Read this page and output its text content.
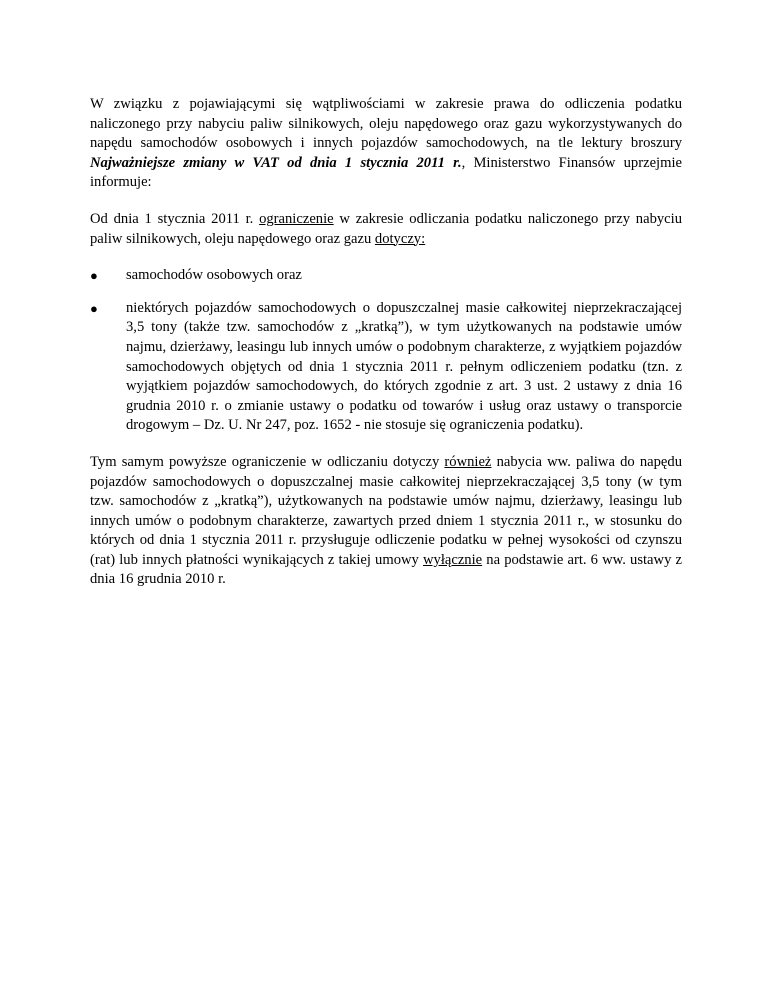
W związku z pojawiającymi się wątpliwościami w zakresie prawa do odliczenia podatku naliczonego przy nabyciu paliw silnikowych, oleju napędowego oraz gazu wykorzystywanych do napędu samochodów osobowych i innych pojazdów samochodowych, na tle lektury broszury Najważniejsze zmiany w VAT od dnia 1 stycznia 2011 r., Ministerstwo Finansów uprzejmie informuje:

Od dnia 1 stycznia 2011 r. ograniczenie w zakresie odliczania podatku naliczonego przy nabyciu paliw silnikowych, oleju napędowego oraz gazu dotyczy:

●	samochodów osobowych oraz
●	niektórych pojazdów samochodowych o dopuszczalnej masie całkowitej nieprzekraczającej 3,5 tony (także tzw. samochodów z „kratką”), w tym użytkowanych na podstawie umów najmu, dzierżawy, leasingu lub innych umów o podobnym charakterze, z wyjątkiem pojazdów samochodowych objętych od dnia 1 stycznia 2011 r. pełnym odliczeniem podatku (tzn. z wyjątkiem pojazdów samochodowych, do których zgodnie z art. 3 ust. 2 ustawy z dnia 16 grudnia 2010 r. o zmianie ustawy o podatku od towarów i usług oraz ustawy o transporcie drogowym – Dz. U. Nr 247, poz. 1652 - nie stosuje się ograniczenia podatku).

Tym samym powyższe ograniczenie w odliczaniu dotyczy również nabycia ww. paliwa do napędu pojazdów samochodowych o dopuszczalnej masie całkowitej nieprzekraczającej 3,5 tony (w tym tzw. samochodów z „kratką”), użytkowanych na podstawie umów najmu, dzierżawy, leasingu lub innych umów o podobnym charakterze, zawartych przed dniem 1 stycznia 2011 r., w stosunku do których od dnia 1 stycznia 2011 r. przysługuje odliczenie podatku w pełnej wysokości od czynszu (rat) lub innych płatności wynikających z takiej umowy wyłącznie na podstawie art. 6 ww. ustawy z dnia 16 grudnia 2010 r.
